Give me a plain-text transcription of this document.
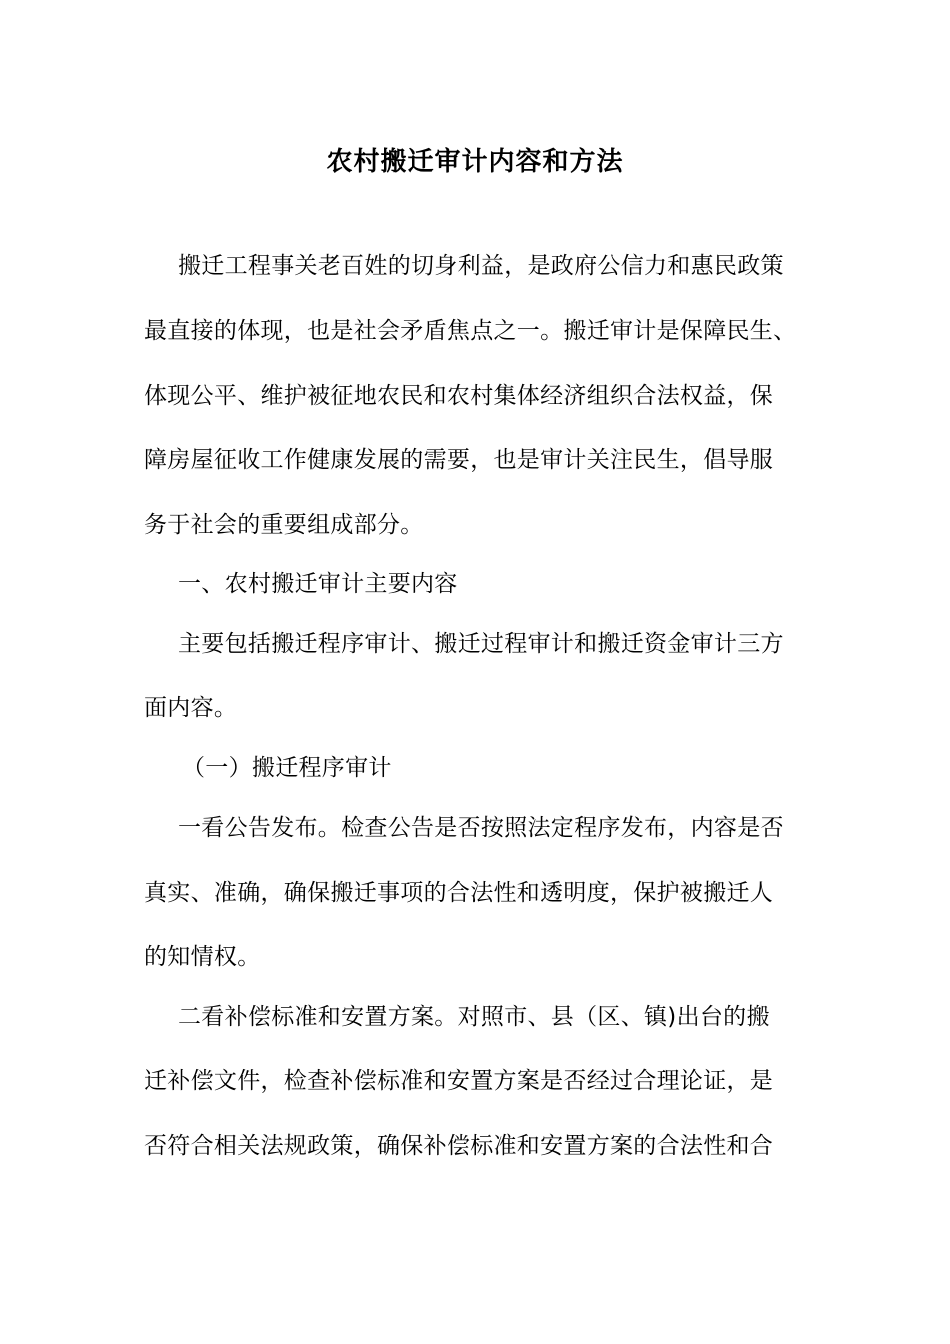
农村搬迁审计内容和方法
搬迁工程事关老百姓的切身利益，是政府公信力和惠民政策
最直接的体现，也是社会矛盾焦点之一。搬迁审计是保障民生、
体现公平、维护被征地农民和农村集体经济组织合法权益，保
障房屋征收工作健康发展的需要，也是审计关注民生，倡导服
务于社会的重要组成部分。
一、农村搬迁审计主要内容
主要包括搬迁程序审计、搬迁过程审计和搬迁资金审计三方
面内容。
（一）搬迁程序审计
一看公告发布。检查公告是否按照法定程序发布，内容是否
真实、准确，确保搬迁事项的合法性和透明度，保护被搬迁人
的知情权。
二看补偿标准和安置方案。对照市、县（区、镇)出台的搬
迁补偿文件，检查补偿标准和安置方案是否经过合理论证，是
否符合相关法规政策，确保补偿标准和安置方案的合法性和合
